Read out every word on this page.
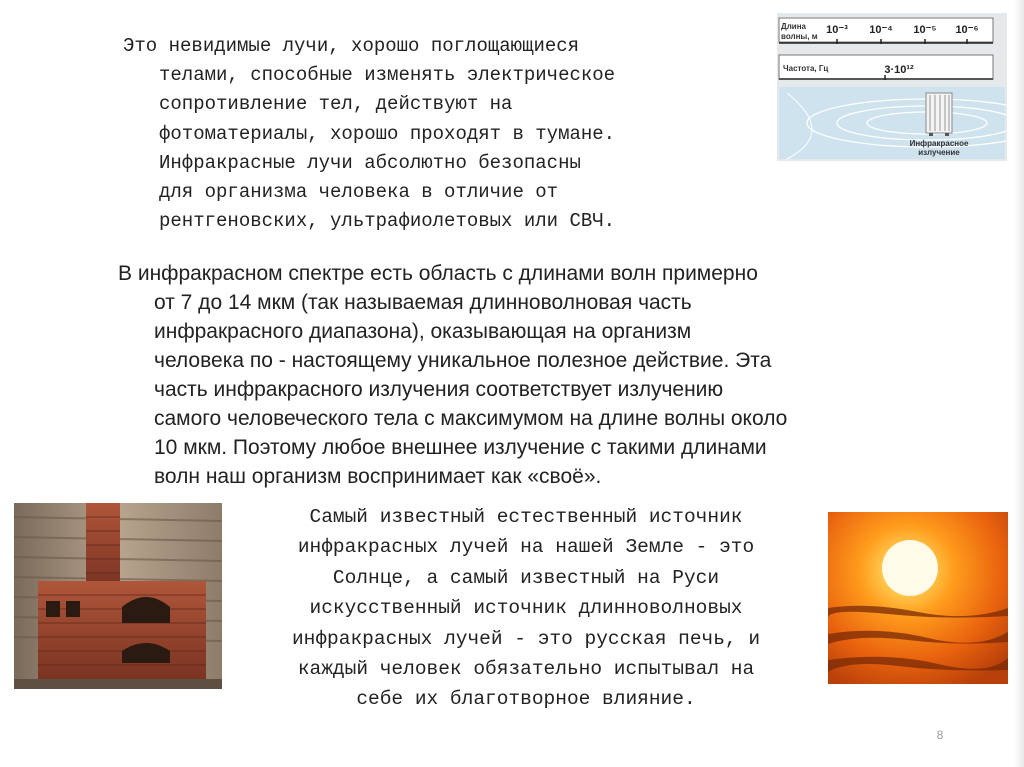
Это невидимые лучи, хорошо поглощающиеся
телами, способные изменять электрическое
сопротивление тел, действуют на
фотоматериалы, хорошо проходят в тумане.
Инфракрасные лучи абсолютно безопасны
для организма человека в отличие от
рентгеновских, ультрафиолетовых или СВЧ.
Длина
волны, м
10⁻³ 10⁻⁴ 10⁻⁵ 10⁻⁶
Частота, Гц	3·10¹²
Инфракрасное
излучение
В инфракрасном спектре есть область с длинами волн примерно
от 7 до 14 мкм (так называемая длинноволновая часть
инфракрасного диапазона), оказывающая на организм
человека по - настоящему уникальное полезное действие. Эта
часть инфракрасного излучения соответствует излучению
самого человеческого тела с максимумом на длине волны около
10 мкм. Поэтому любое внешнее излучение с такими длинами
волн наш организм воспринимает как «своё».
Самый известный естественный источник
инфракрасных лучей на нашей Земле - это
Солнце, а самый известный на Руси
искусственный источник длинноволновых
инфракрасных лучей - это русская печь, и
каждый человек обязательно испытывал на
себе их благотворное влияние.
8
